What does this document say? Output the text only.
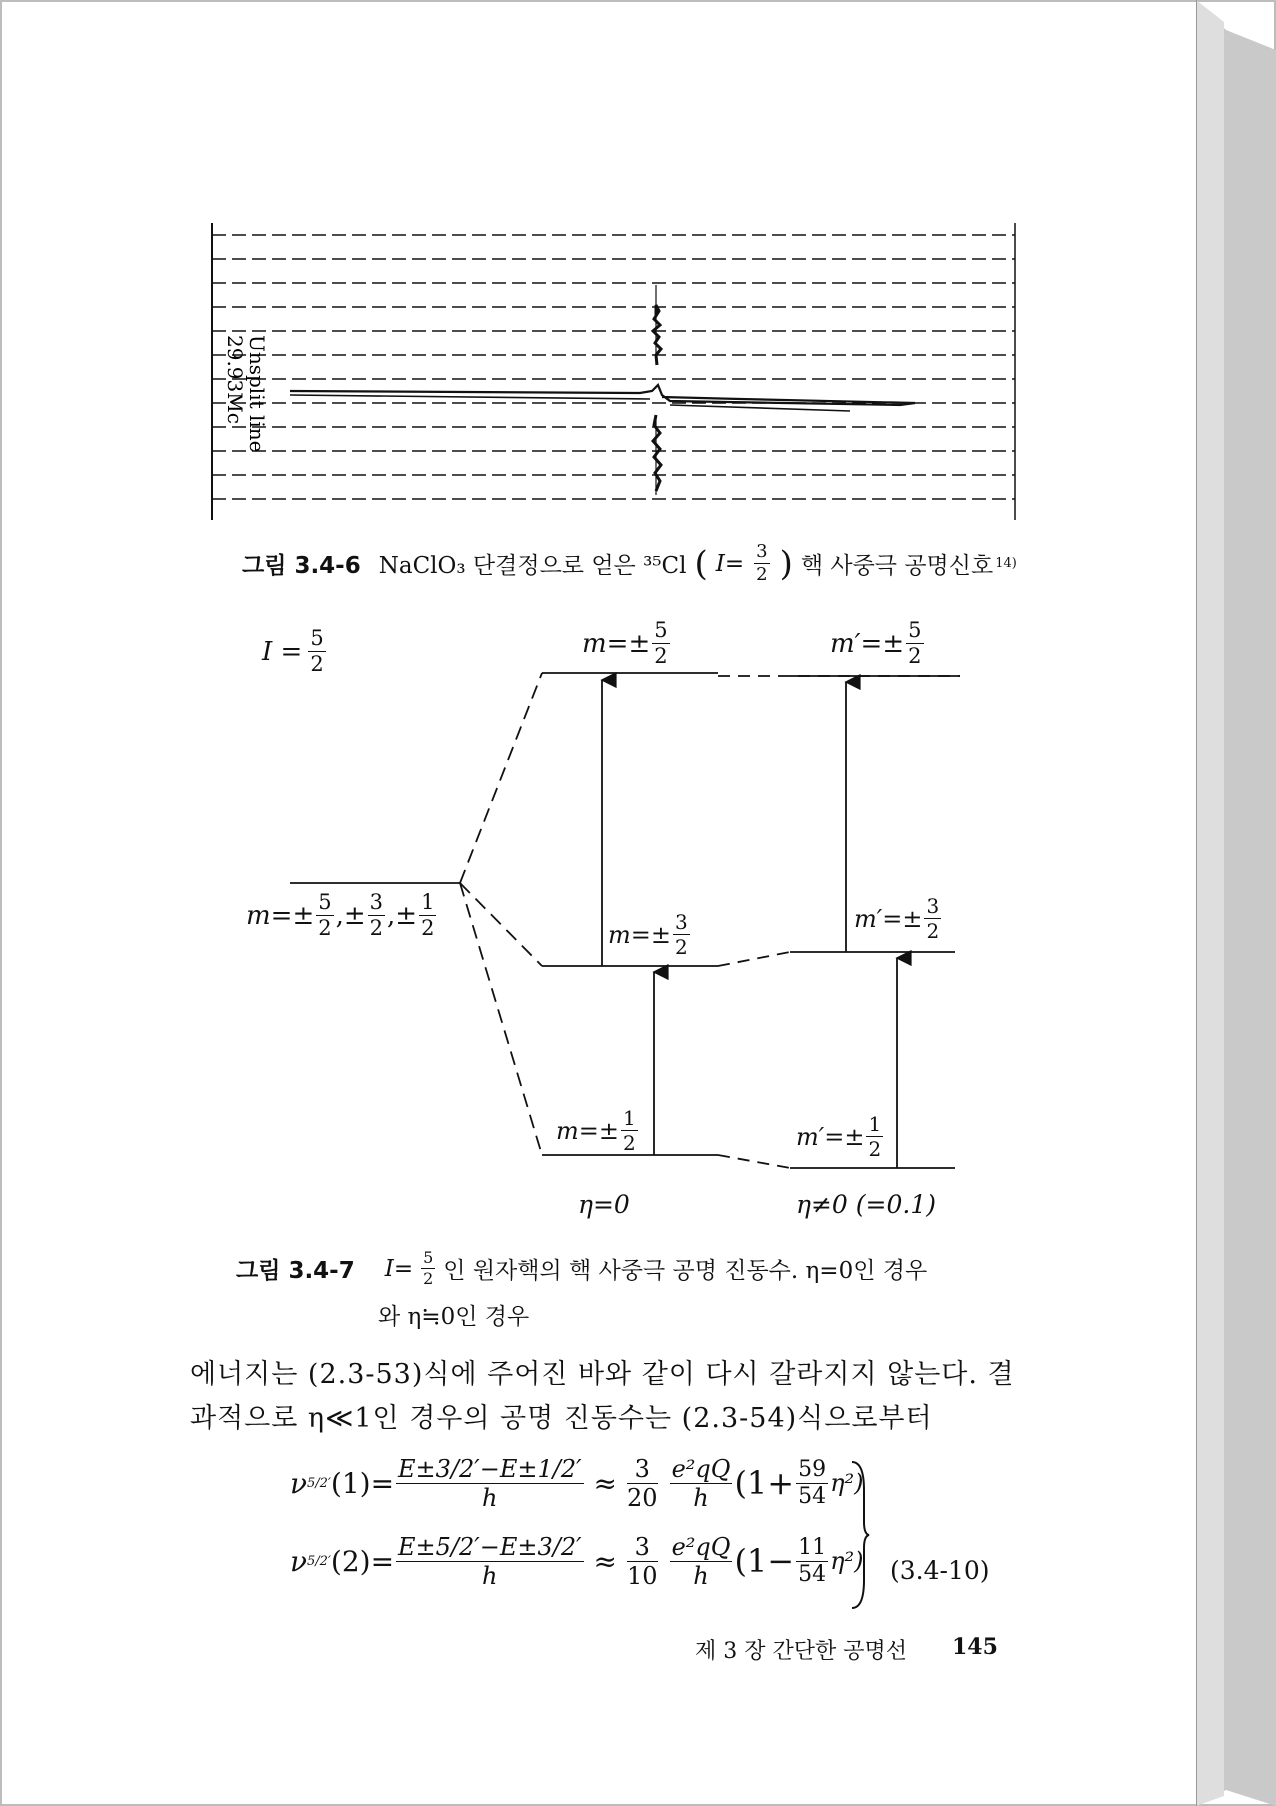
Unsplit line
29.93Mc
그림 3.4-6 NaClO₃ 단결정으로 얻은 ³⁵Cl ( $I= \frac{3}{2}$ ) 핵 사중극 공명신호 14)
$I = \frac{5}{2}$	$m=\pm \frac{5}{2}$	$m'=\pm \frac{5}{2}$
$m=\pm \frac{5}{2}$ ,± $\frac{3}{2}$ ,± $\frac{1}{2}$	$m=\pm \frac{3}{2}$	$m'=\pm \frac{3}{2}$
$m=\pm \frac{1}{2}$	$m'=\pm \frac{1}{2}$
η=0	η≠0 (=0.1)
그림 3.4-7 $I= \frac{5}{2}$ 인 원자핵의 핵 사중극 공명 진동수. η=0인 경우
와 η≒0인 경우
에너지는 (2.3-53)식에 주어진 바와 같이 다시 갈라지지 않는다. 결
과적으로 η≪1인 경우의 공명 진동수는 (2.3-54)식으로부터
ν 5/2′ $(1)= \frac{E\pm 3/2'-E\pm 1/2'}{h} \approx \frac{3}{20} \frac{\text{e²qQ}}{h} (1+ \frac{59}{54} \eta^2)$
ν 5/2′ $(2)= \frac{E\pm 5/2'-E\pm 3/2'}{h} \approx \frac{3}{10} \frac{\text{e²qQ}}{h} (1- \frac{11}{54} \eta^2)$ (3.4-10)
제 3 장 간단한 공명선 145
